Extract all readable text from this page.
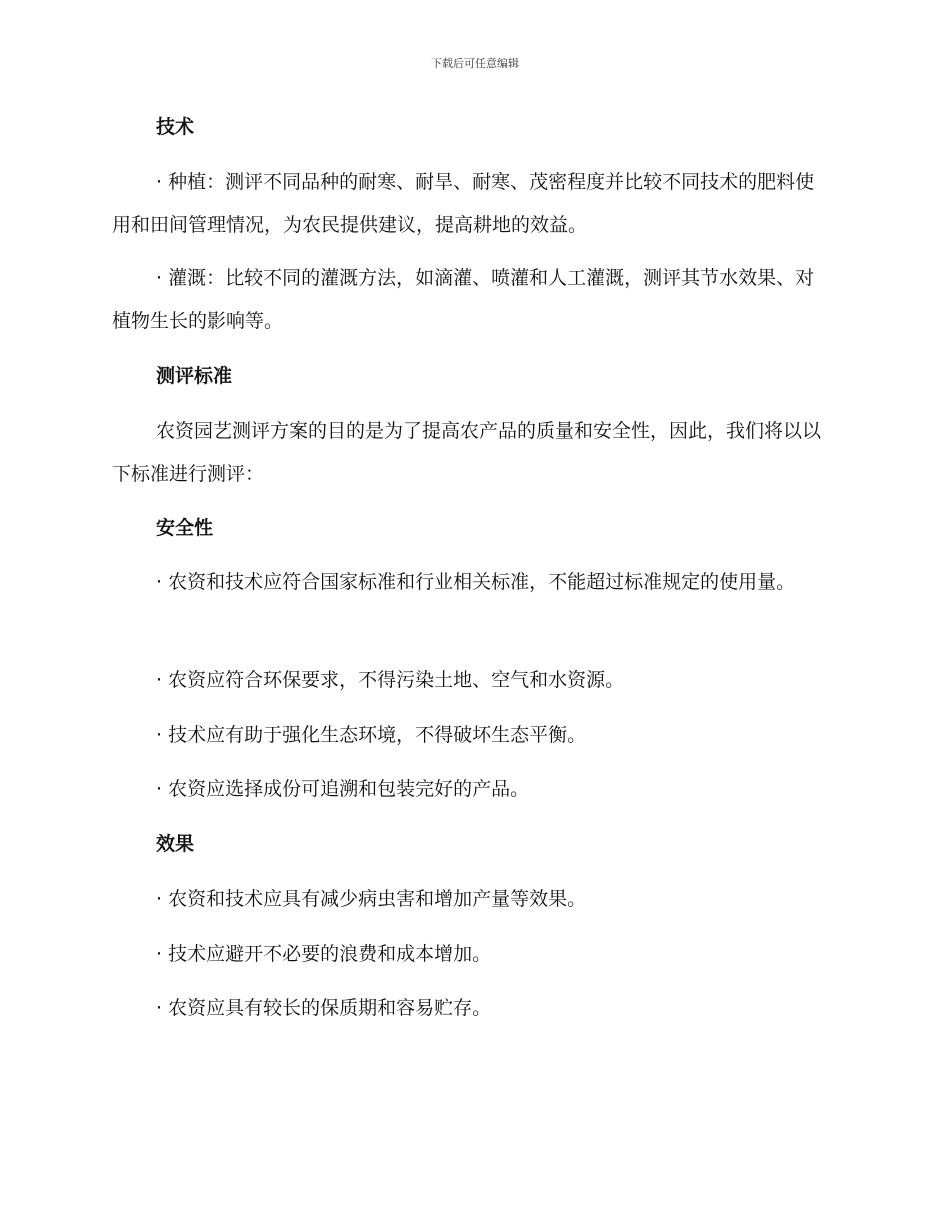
下载后可任意编辑

技术

· 种植：测评不同品种的耐寒、耐旱、耐寒、茂密程度并比较不同技术的肥料使用和田间管理情况，为农民提供建议，提高耕地的效益。

· 灌溉：比较不同的灌溉方法，如滴灌、喷灌和人工灌溉，测评其节水效果、对植物生长的影响等。

测评标准

农资园艺测评方案的目的是为了提高农产品的质量和安全性，因此，我们将以以下标准进行测评：

安全性

· 农资和技术应符合国家标准和行业相关标准，不能超过标准规定的使用量。

· 农资应符合环保要求，不得污染土地、空气和水资源。

· 技术应有助于强化生态环境，不得破坏生态平衡。

· 农资应选择成份可追溯和包装完好的产品。

效果

· 农资和技术应具有减少病虫害和增加产量等效果。

· 技术应避开不必要的浪费和成本增加。

· 农资应具有较长的保质期和容易贮存。
